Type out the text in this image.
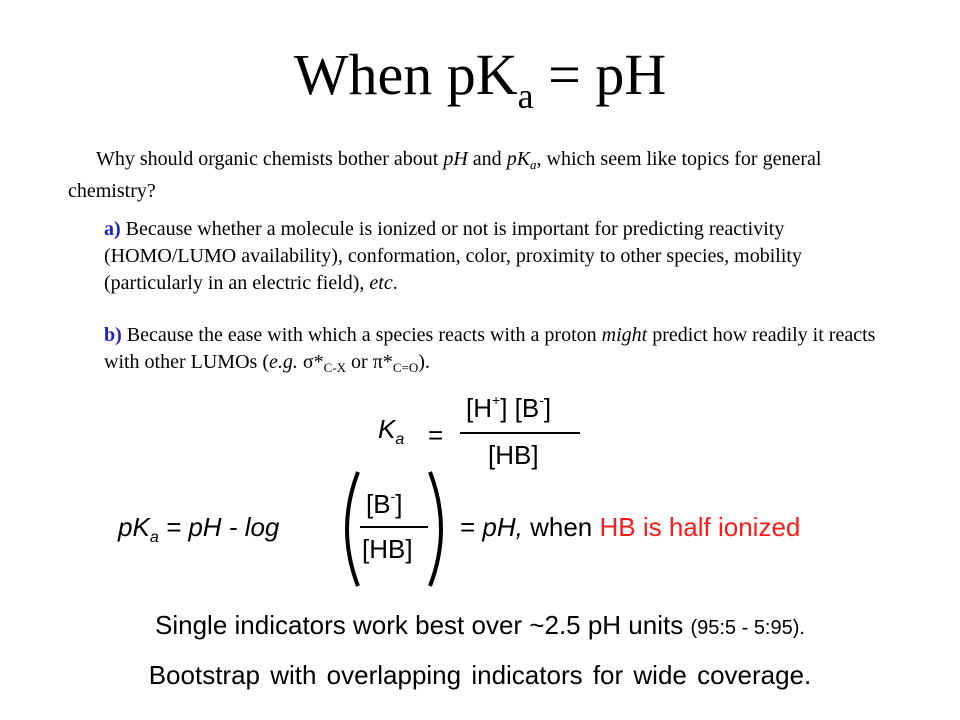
When $pK_a$ = pH
Why should organic chemists bother about pH and $pK_a$, which seem like topics for general chemistry?
a) Because whether a molecule is ionized or not is important for predicting reactivity (HOMO/LUMO availability), conformation, color, proximity to other species, mobility (particularly in an electric field), etc.
b) Because the ease with which a species reacts with a proton might predict how readily it reacts with other LUMOs (e.g. $\sigma*_{C-X}$ or $\pi*_{C=O}$).
$K_a$ =
[H+] [B-]
[HB]
$pK_a$ = pH - log
[B-]
[HB]
= pH, when HB is half ionized
Single indicators work best over ~2.5 pH units (95:5 - 5:95).
Bootstrap with overlapping indicators for wide coverage.
